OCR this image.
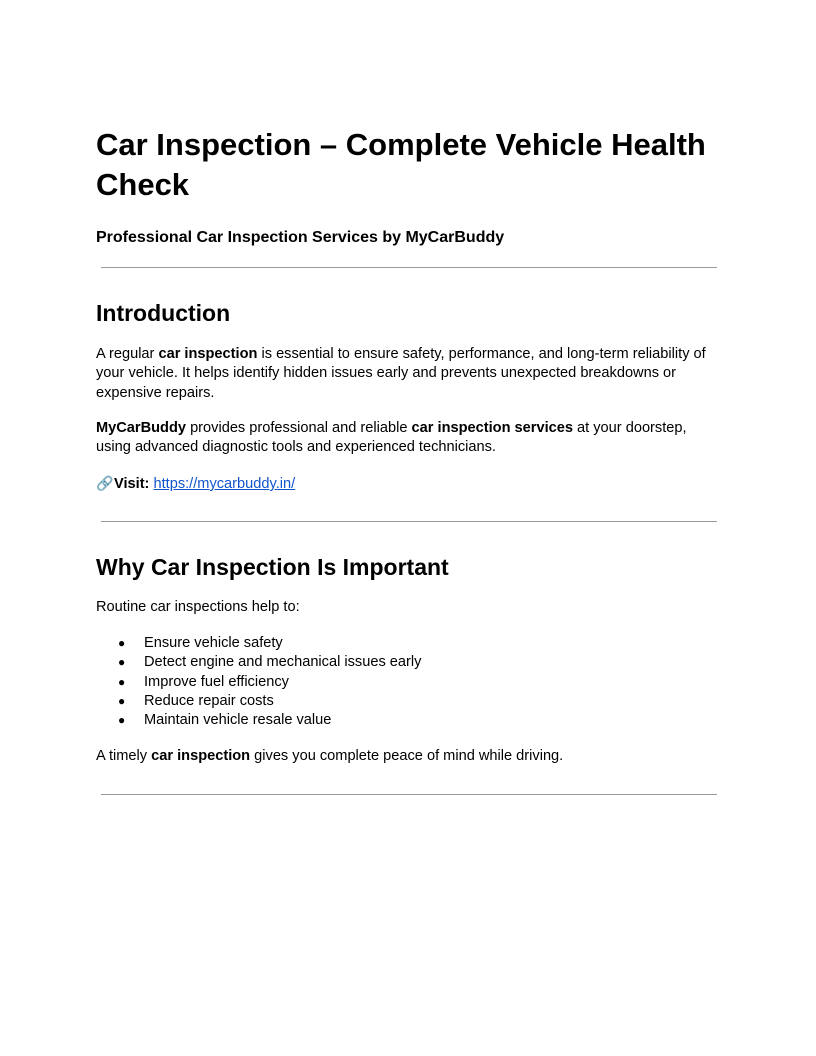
Car Inspection – Complete Vehicle Health Check
Professional Car Inspection Services by MyCarBuddy
Introduction

A regular car inspection is essential to ensure safety, performance, and long-term reliability of your vehicle. It helps identify hidden issues early and prevents unexpected breakdowns or expensive repairs.

MyCarBuddy provides professional and reliable car inspection services at your doorstep, using advanced diagnostic tools and experienced technicians.

🔗Visit: https://mycarbuddy.in/

Why Car Inspection Is Important

Routine car inspections help to:

● Ensure vehicle safety
● Detect engine and mechanical issues early
● Improve fuel efficiency
● Reduce repair costs
● Maintain vehicle resale value

A timely car inspection gives you complete peace of mind while driving.
